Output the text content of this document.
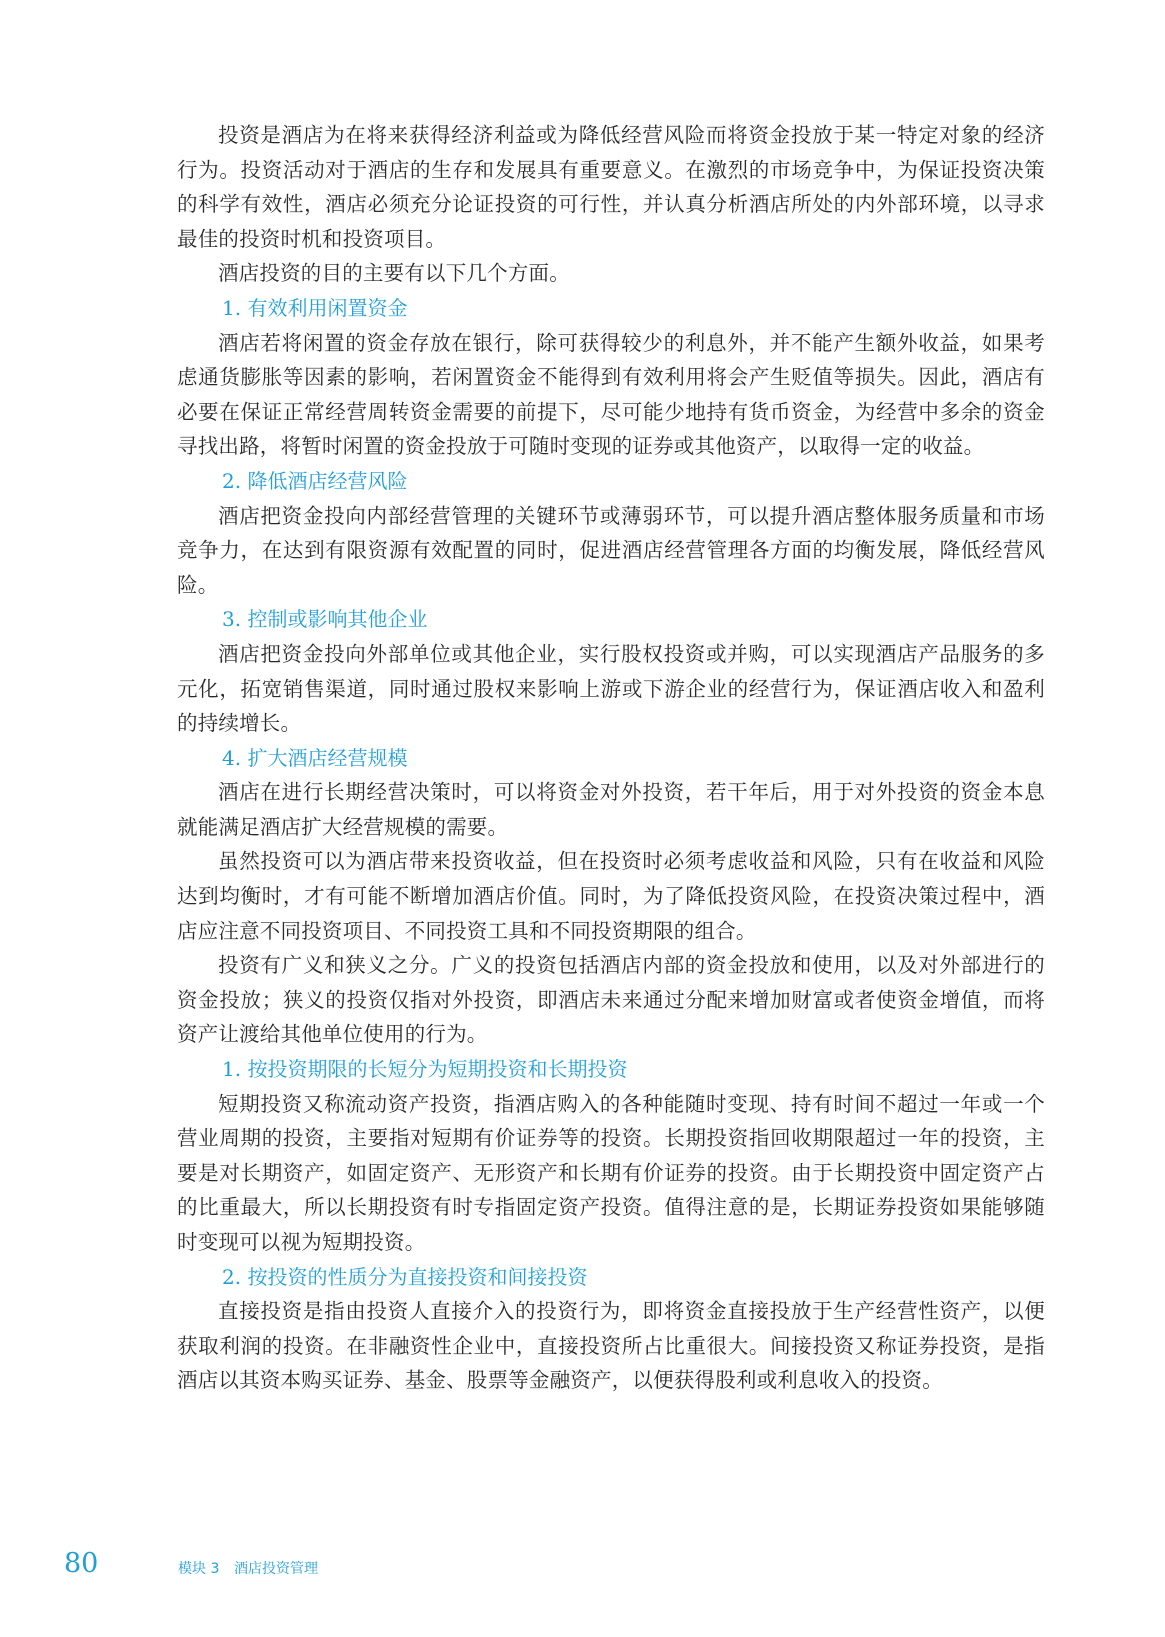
投资是酒店为在将来获得经济利益或为降低经营风险而将资金投放于某一特定对象的经济行为。投资活动对于酒店的生存和发展具有重要意义。在激烈的市场竞争中，为保证投资决策的科学有效性，酒店必须充分论证投资的可行性，并认真分析酒店所处的内外部环境，以寻求最佳的投资时机和投资项目。

酒店投资的目的主要有以下几个方面。

1. 有效利用闲置资金

酒店若将闲置的资金存放在银行，除可获得较少的利息外，并不能产生额外收益，如果考虑通货膨胀等因素的影响，若闲置资金不能得到有效利用将会产生贬值等损失。因此，酒店有必要在保证正常经营周转资金需要的前提下，尽可能少地持有货币资金，为经营中多余的资金寻找出路，将暂时闲置的资金投放于可随时变现的证券或其他资产，以取得一定的收益。

2. 降低酒店经营风险

酒店把资金投向内部经营管理的关键环节或薄弱环节，可以提升酒店整体服务质量和市场竞争力，在达到有限资源有效配置的同时，促进酒店经营管理各方面的均衡发展，降低经营风险。

3. 控制或影响其他企业

酒店把资金投向外部单位或其他企业，实行股权投资或并购，可以实现酒店产品服务的多元化，拓宽销售渠道，同时通过股权来影响上游或下游企业的经营行为，保证酒店收入和盈利的持续增长。

4. 扩大酒店经营规模

酒店在进行长期经营决策时，可以将资金对外投资，若干年后，用于对外投资的资金本息就能满足酒店扩大经营规模的需要。

虽然投资可以为酒店带来投资收益，但在投资时必须考虑收益和风险，只有在收益和风险达到均衡时，才有可能不断增加酒店价值。同时，为了降低投资风险，在投资决策过程中，酒店应注意不同投资项目、不同投资工具和不同投资期限的组合。

投资有广义和狭义之分。广义的投资包括酒店内部的资金投放和使用，以及对外部进行的资金投放；狭义的投资仅指对外投资，即酒店未来通过分配来增加财富或者使资金增值，而将资产让渡给其他单位使用的行为。

1. 按投资期限的长短分为短期投资和长期投资

短期投资又称流动资产投资，指酒店购入的各种能随时变现、持有时间不超过一年或一个营业周期的投资，主要指对短期有价证券等的投资。长期投资指回收期限超过一年的投资，主要是对长期资产，如固定资产、无形资产和长期有价证券的投资。由于长期投资中固定资产占的比重最大，所以长期投资有时专指固定资产投资。值得注意的是，长期证券投资如果能够随时变现可以视为短期投资。

2. 按投资的性质分为直接投资和间接投资

直接投资是指由投资人直接介入的投资行为，即将资金直接投放于生产经营性资产，以便获取利润的投资。在非融资性企业中，直接投资所占比重很大。间接投资又称证券投资，是指酒店以其资本购买证券、基金、股票等金融资产，以便获得股利或利息收入的投资。

80	模块 3 酒店投资管理
